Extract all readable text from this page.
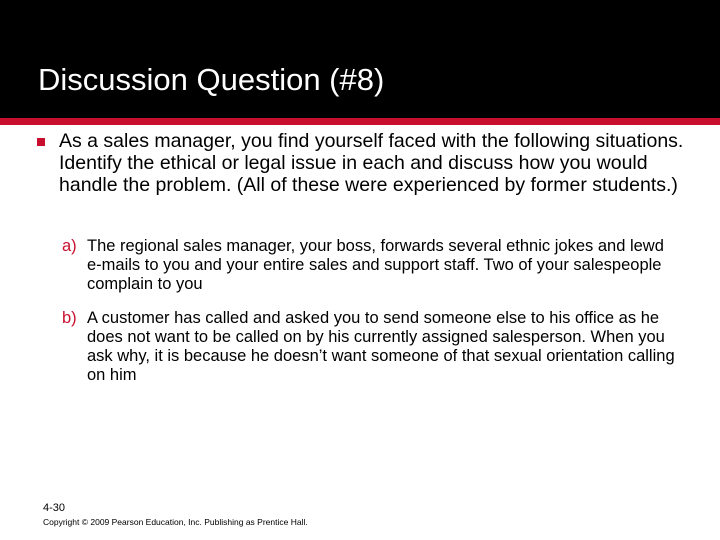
Discussion Question (#8)
As a sales manager, you find yourself faced with the following situations. Identify the ethical or legal issue in each and discuss how you would handle the problem. (All of these were experienced by former students.)
a) The regional sales manager, your boss, forwards several ethnic jokes and lewd e-mails to you and your entire sales and support staff. Two of your salespeople complain to you
b) A customer has called and asked you to send someone else to his office as he does not want to be called on by his currently assigned salesperson. When you ask why, it is because he doesn’t want someone of that sexual orientation calling on him
4-30
Copyright © 2009 Pearson Education, Inc. Publishing as Prentice Hall.
